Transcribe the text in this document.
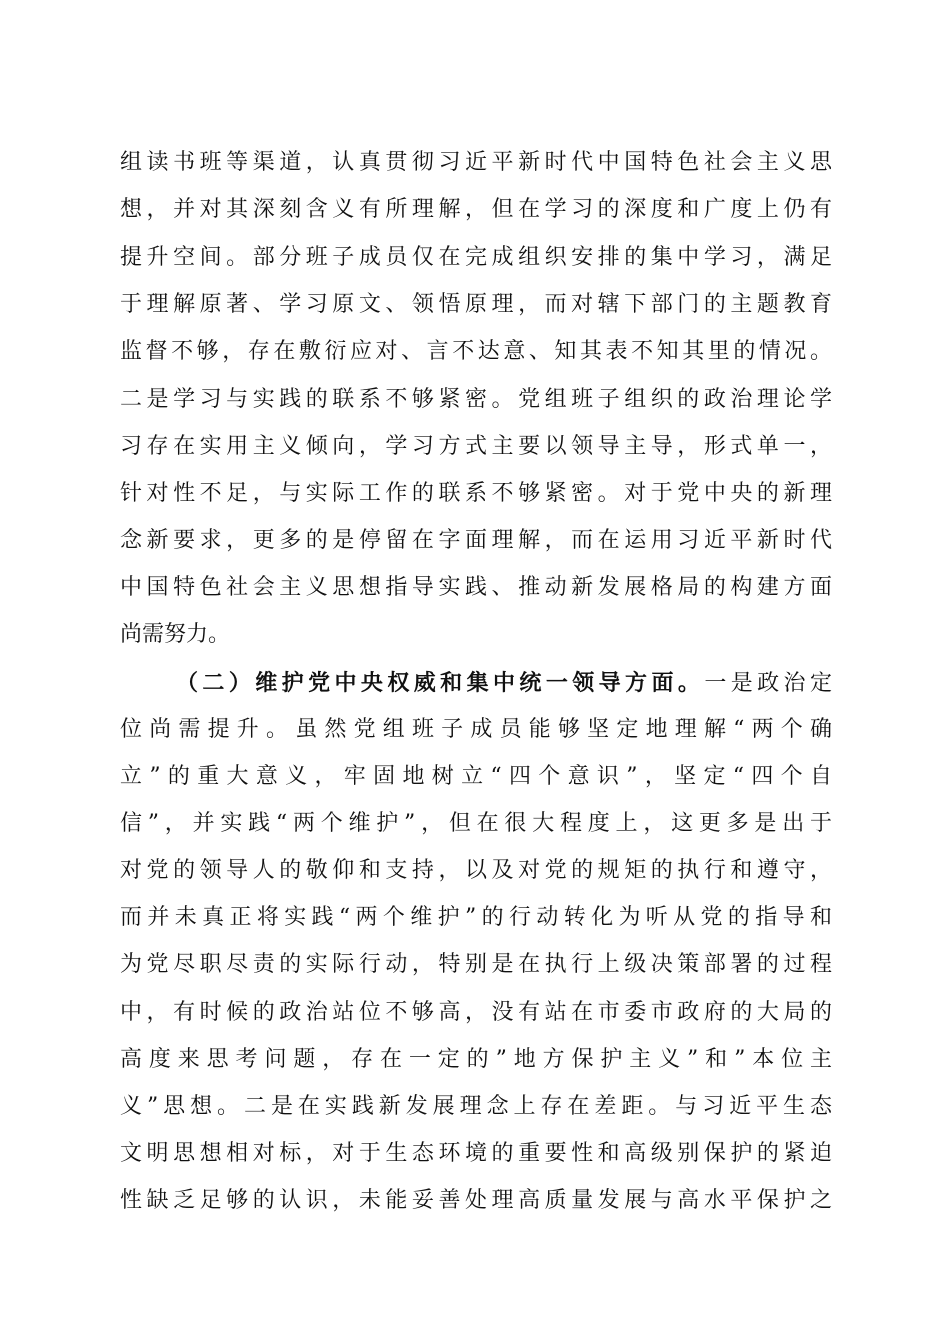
组读书班等渠道，认真贯彻习近平新时代中国特色社会主义思
想，并对其深刻含义有所理解，但在学习的深度和广度上仍有
提升空间。部分班子成员仅在完成组织安排的集中学习，满足
于理解原著、学习原文、领悟原理，而对辖下部门的主题教育
监督不够，存在敷衍应对、言不达意、知其表不知其里的情况。
二是学习与实践的联系不够紧密。党组班子组织的政治理论学
习存在实用主义倾向，学习方式主要以领导主导，形式单一，
针对性不足，与实际工作的联系不够紧密。对于党中央的新理
念新要求，更多的是停留在字面理解，而在运用习近平新时代
中国特色社会主义思想指导实践、推动新发展格局的构建方面
尚需努力。
（二）维护党中央权威和集中统一领导方面。一是政治定
位尚需提升。虽然党组班子成员能够坚定地理解“两个确
立”的重大意义，牢固地树立“四个意识”，坚定“四个自
信”，并实践“两个维护”，但在很大程度上，这更多是出于
对党的领导人的敬仰和支持，以及对党的规矩的执行和遵守，
而并未真正将实践“两个维护”的行动转化为听从党的指导和
为党尽职尽责的实际行动，特别是在执行上级决策部署的过程
中，有时候的政治站位不够高，没有站在市委市政府的大局的
高度来思考问题，存在一定的”地方保护主义”和”本位主
义”思想。二是在实践新发展理念上存在差距。与习近平生态
文明思想相对标，对于生态环境的重要性和高级别保护的紧迫
性缺乏足够的认识，未能妥善处理高质量发展与高水平保护之
